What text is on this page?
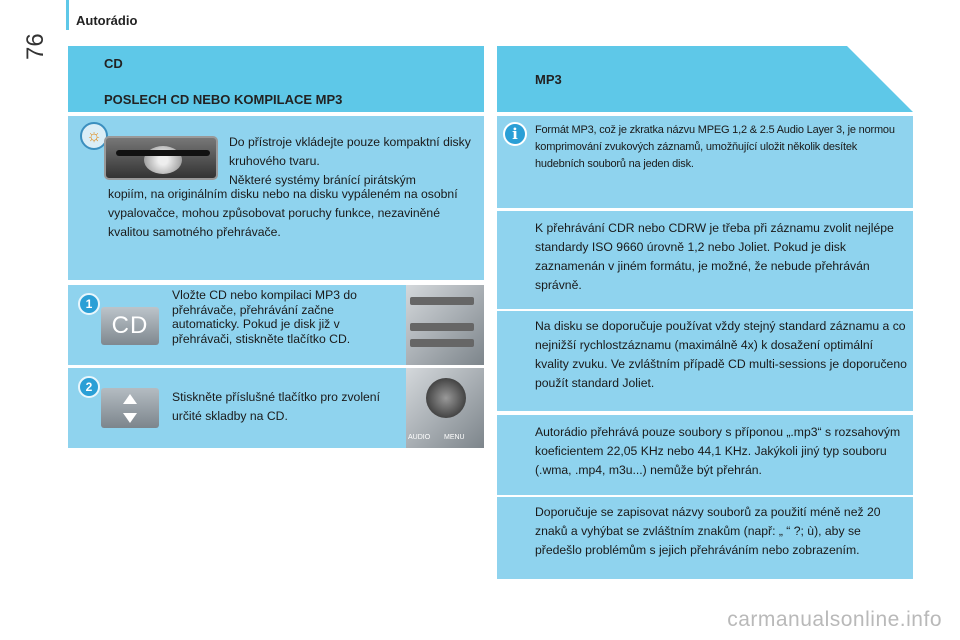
76
Autorádio
CD
POSLECH CD NEBO KOMPILACE MP3
MP3
☼	Do přístroje vkládejte pouze kompaktní disky kruhového tvaru.
Některé systémy bránící pirátským
kopiím, na originálním disku nebo na disku vypáleném na osobní vypalovačce, mohou způsobovat poruchy funkce, nezaviněné kvalitou samotného přehrávače.
1
CD
Vložte CD nebo kompilaci MP3 do přehrávače, přehrávání začne automaticky. Pokud je disk již v přehrávači, stiskněte tlačítko CD.
2
Stiskněte příslušné tlačítko pro zvolení určité skladby na CD.
AUDIO MENU
i	Formát MP3, což je zkratka názvu MPEG 1,2 & 2.5 Audio Layer 3, je normou komprimování zvukových záznamů, umožňující uložit několik desítek hudebních souborů na jeden disk.
K přehrávání CDR nebo CDRW je třeba při záznamu zvolit nejlépe standardy ISO 9660 úrovně 1,2 nebo Joliet. Pokud je disk zaznamenán v jiném formátu, je možné, že nebude přehráván správně.
Na disku se doporučuje používat vždy stejný standard záznamu a co nejnižší rychlostzáznamu (maximálně 4x) k dosažení optimální kvality zvuku. Ve zvláštním případě CD multi-sessions je doporučeno použít standard Joliet.
Autorádio přehrává pouze soubory s příponou „.mp3“ s rozsahovým koeficientem 22,05 KHz nebo 44,1 KHz. Jakýkoli jiný typ souboru (.wma, .mp4, m3u...) nemůže být přehrán.
Doporučuje se zapisovat názvy souborů za použití méně než 20 znaků a vyhýbat se zvláštním znakům (např: „ “ ?; ù), aby se předešlo problémům s jejich přehráváním nebo zobrazením.
carmanualsonline.info
